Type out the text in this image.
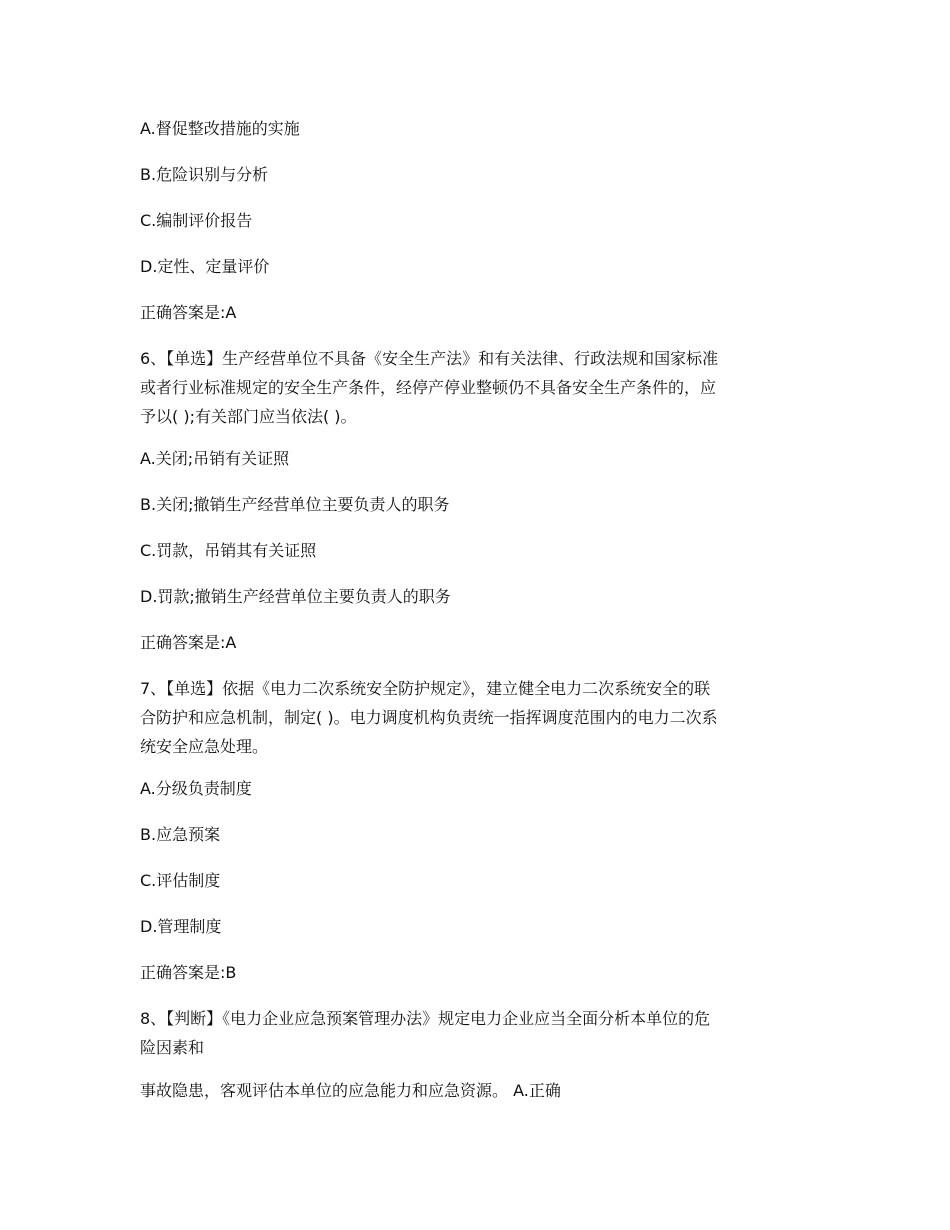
A.督促整改措施的实施
B.危险识别与分析
C.编制评价报告
D.定性、定量评价
正确答案是:A
6、【单选】生产经营单位不具备《安全生产法》和有关法律、行政法规和国家标准
或者行业标准规定的安全生产条件，经停产停业整顿仍不具备安全生产条件的，应
予以( );有关部门应当依法( )。
A.关闭;吊销有关证照
B.关闭;撤销生产经营单位主要负责人的职务
C.罚款，吊销其有关证照
D.罚款;撤销生产经营单位主要负责人的职务
正确答案是:A
7、【单选】依据《电力二次系统安全防护规定》，建立健全电力二次系统安全的联
合防护和应急机制，制定( )。电力调度机构负责统一指挥调度范围内的电力二次系
统安全应急处理。
A.分级负责制度
B.应急预案
C.评估制度
D.管理制度
正确答案是:B
8、【判断】《电力企业应急预案管理办法》规定电力企业应当全面分析本单位的危
险因素和
事故隐患，客观评估本单位的应急能力和应急资源。 A.正确
